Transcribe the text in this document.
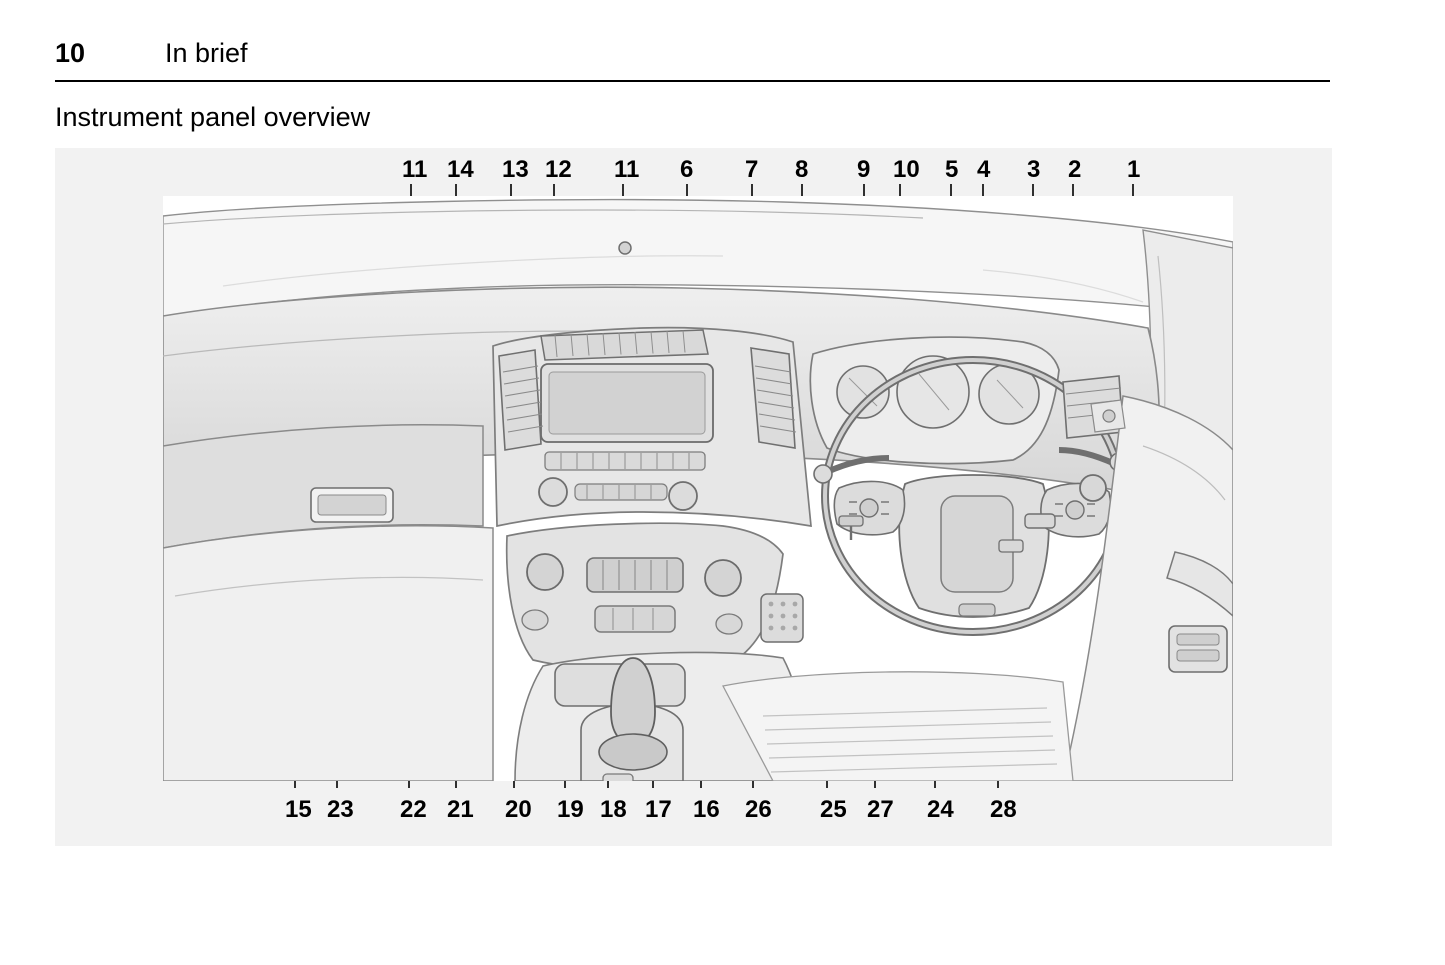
10	In brief
Instrument panel overview
11 14 13 12 11 6 7 8 9 10 5 4 3 2 1
15 23 22 21 20 19 18 17 16 26 25 27 24 28
